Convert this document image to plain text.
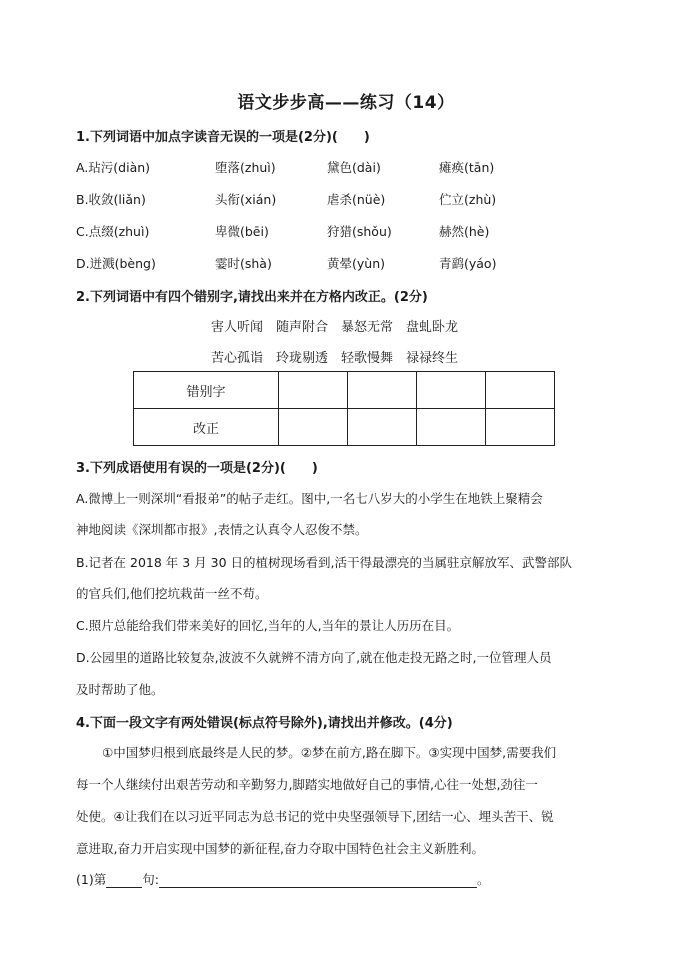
语文步步高——练习（14）
1.下列词语中加点字读音无误的一项是(2分)(　　)
A.玷污(diàn)	堕落(zhuì)	黛色(dài)	瘫痪(tān)
B.收敛(liǎn)	头衔(xián)	虐杀(nüè)	伫立(zhù)
C.点缀(zhuì)	卑微(bēi)	狩猎(shǒu)	赫然(hè)
D.迸溅(bèng)	霎时(shà)	黄晕(yùn)	青鹞(yáo)
2.下列词语中有四个错别字,请找出来并在方格内改正。(2分)
害人听闻　随声附合　暴怒无常　盘虬卧龙
苦心孤诣　玲珑剔透　轻歌慢舞　禄禄终生
错别字				
改正				
3.下列成语使用有误的一项是(2分)(　　)
A.微博上一则深圳“看报弟”的帖子走红。图中,一名七八岁大的小学生在地铁上聚精会
神地阅读《深圳都市报》,表情之认真令人忍俊不禁。
B.记者在 2018 年 3 月 30 日的植树现场看到,活干得最漂亮的当属驻京解放军、武警部队
的官兵们,他们挖坑栽苗一丝不苟。
C.照片总能给我们带来美好的回忆,当年的人,当年的景让人历历在目。
D.公园里的道路比较复杂,波波不久就辨不清方向了,就在他走投无路之时,一位管理人员
及时帮助了他。
4.下面一段文字有两处错误(标点符号除外),请找出并修改。(4分)
①中国梦归根到底最终是人民的梦。②梦在前方,路在脚下。③实现中国梦,需要我们
每一个人继续付出艰苦劳动和辛勤努力,脚踏实地做好自己的事情,心往一处想,劲往一
处使。④让我们在以习近平同志为总书记的党中央坚强领导下,团结一心、埋头苦干、锐
意进取,奋力开启实现中国梦的新征程,奋力夺取中国特色社会主义新胜利。
(1)第	句:	。
